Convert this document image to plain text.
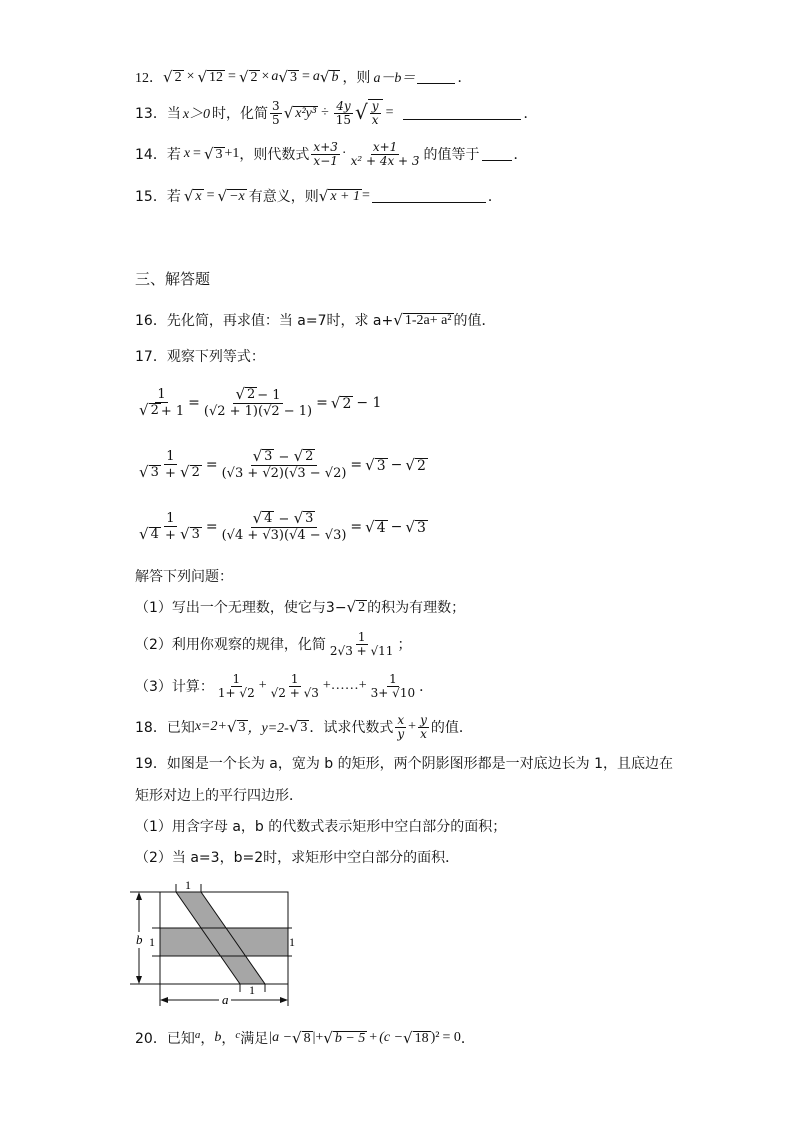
12． √ 2 × √ 12 = √ 2 × a √ 3 = a √ b ，则 a－b＝	．
13．当 x＞0 时，化简 $\frac{3}{5}$ √ $x^2y^3 \div \frac{4y}{15}$ √ $\frac{y}{x}$ =	．
14．若 x = √ 3 +1 ，则代数式 $\frac{x+3}{x-1} \cdot \frac{x+1}{\text{x² + 4x + 3}}$ 的值等于 ．
15．若 √ x = √ −x 有意义，则 √ x + 1 =	．
三、解答题
16．先化简，再求值：当 a=7时，求 a+ √ 1-2a+ a² 的值．
17．观察下列等式：
$\frac{1}{√ 2 + 1} = \frac{√ 2 - 1}{(√2 + 1)(√2 - 1)}$ = √ 2 − 1
$\frac{1}{√ 3 + √ 2} = \frac{√ 3 - √ 2}{(√3 + √2)(√3 - √2)}$ = √ 3 − √ 2
$\frac{1}{√ 4 + √ 3} = \frac{√ 4 - √ 3}{(√4 + √3)(√4 - √3)}$ = √ 4 − √ 3
解答下列问题：
（1）写出一个无理数，使它与3− √ 2 的积为有理数；
（2）利用你观察的规律，化简 $\frac{1}{2√3 + √11}$ ；
（3）计算： $\frac{1}{1+ √2} + \frac{1}{√2 + √3}$ +……+ $\frac{1}{3+ √10}$ ．
18．已知 x=2+ √ 3 ，y=2- √ 3 ．试求代数式 $\frac{x}{y} + \frac{y}{x}$ 的值．
19．如图是一个长为 a，宽为 b 的矩形，两个阴影图形都是一对底边长为 1，且底边在
矩形对边上的平行四边形．
（1）用含字母 a，b 的代数式表示矩形中空白部分的面积；
（2）当 a=3，b=2时，求矩形中空白部分的面积．
b
a
1
1
1	1
20．已知 a ， b ， c 满足 |a − √ 8 |+ √ b − 5 + (c − √ 18 )² = 0 ．
